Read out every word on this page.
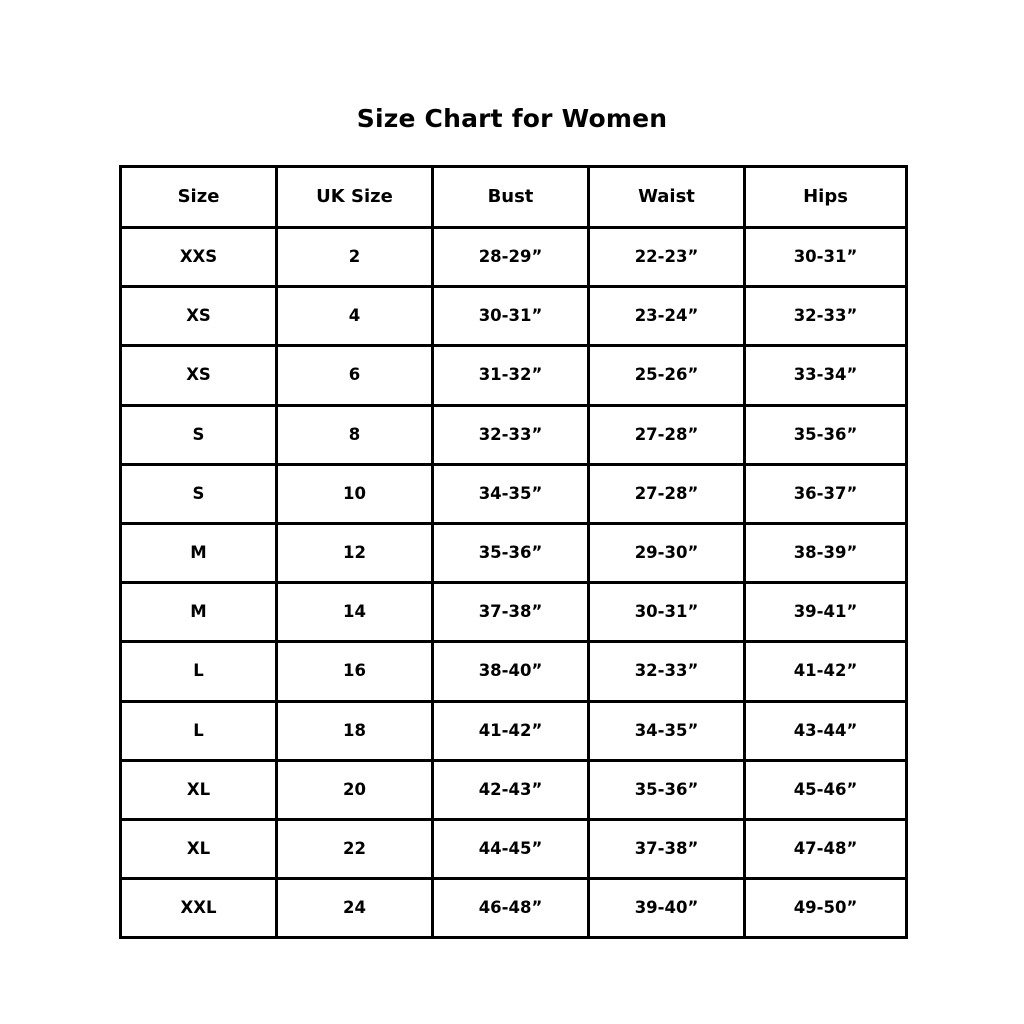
Size Chart for Women
Size	UK Size	Bust	Waist	Hips
XXS	2	28-29”	22-23”	30-31”
XS	4	30-31”	23-24”	32-33”
XS	6	31-32”	25-26”	33-34”
S	8	32-33”	27-28”	35-36”
S	10	34-35”	27-28”	36-37”
M	12	35-36”	29-30”	38-39”
M	14	37-38”	30-31”	39-41”
L	16	38-40”	32-33”	41-42”
L	18	41-42”	34-35”	43-44”
XL	20	42-43”	35-36”	45-46”
XL	22	44-45”	37-38”	47-48”
XXL	24	46-48”	39-40”	49-50”
